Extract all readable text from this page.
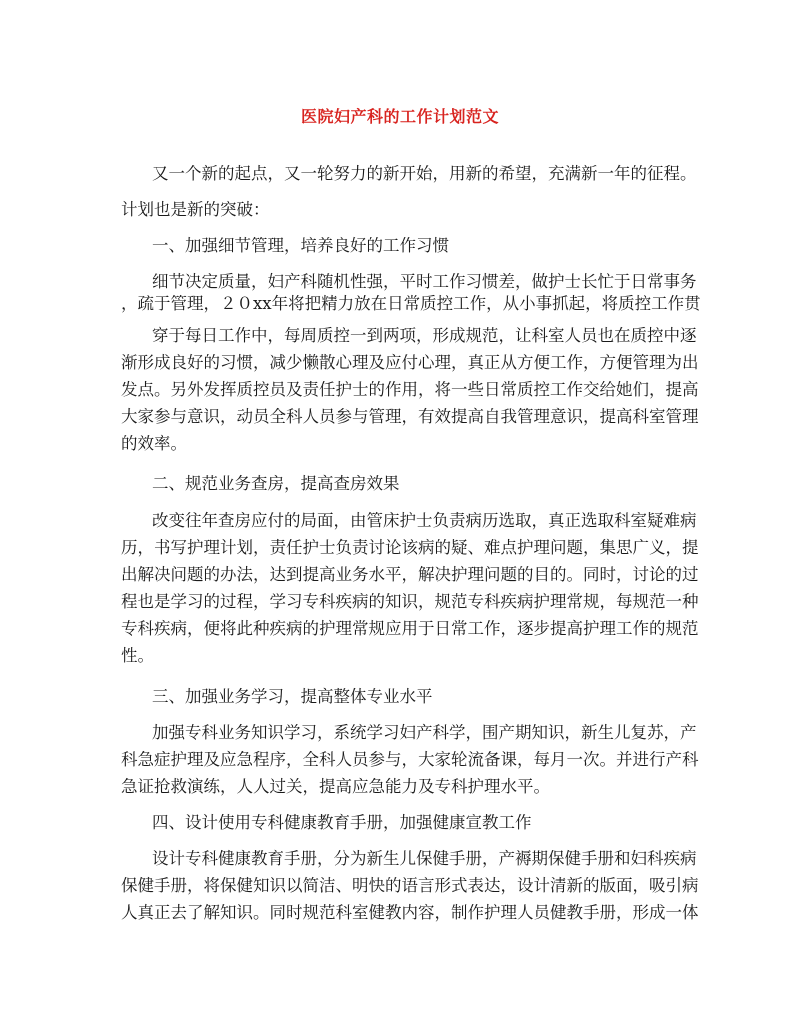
医院妇产科的工作计划范文
又一个新的起点，又一轮努力的新开始，用新的希望，充满新一年的征程。
计划也是新的突破：
一、加强细节管理，培养良好的工作习惯
细节决定质量，妇产科随机性强，平时工作习惯差，做护士长忙于日常事务
，疏于管理，２０xx年将把精力放在日常质控工作，从小事抓起，将质控工作贯
穿于每日工作中，每周质控一到两项，形成规范，让科室人员也在质控中逐
渐形成良好的习惯，减少懒散心理及应付心理，真正从方便工作，方便管理为出
发点。另外发挥质控员及责任护士的作用，将一些日常质控工作交给她们，提高
大家参与意识，动员全科人员参与管理，有效提高自我管理意识，提高科室管理
的效率。
二、规范业务查房，提高查房效果
改变往年查房应付的局面，由管床护士负责病历选取，真正选取科室疑难病
历，书写护理计划，责任护士负责讨论该病的疑、难点护理问题，集思广义，提
出解决问题的办法，达到提高业务水平，解决护理问题的目的。同时，讨论的过
程也是学习的过程，学习专科疾病的知识，规范专科疾病护理常规，每规范一种
专科疾病，便将此种疾病的护理常规应用于日常工作，逐步提高护理工作的规范
性。
三、加强业务学习，提高整体专业水平
加强专科业务知识学习，系统学习妇产科学，围产期知识，新生儿复苏，产
科急症护理及应急程序，全科人员参与，大家轮流备课，每月一次。并进行产科
急证抢救演练，人人过关，提高应急能力及专科护理水平。
四、设计使用专科健康教育手册，加强健康宣教工作
设计专科健康教育手册，分为新生儿保健手册，产褥期保健手册和妇科疾病
保健手册，将保健知识以简洁、明快的语言形式表达，设计清新的版面，吸引病
人真正去了解知识。同时规范科室健教内容，制作护理人员健教手册，形成一体
